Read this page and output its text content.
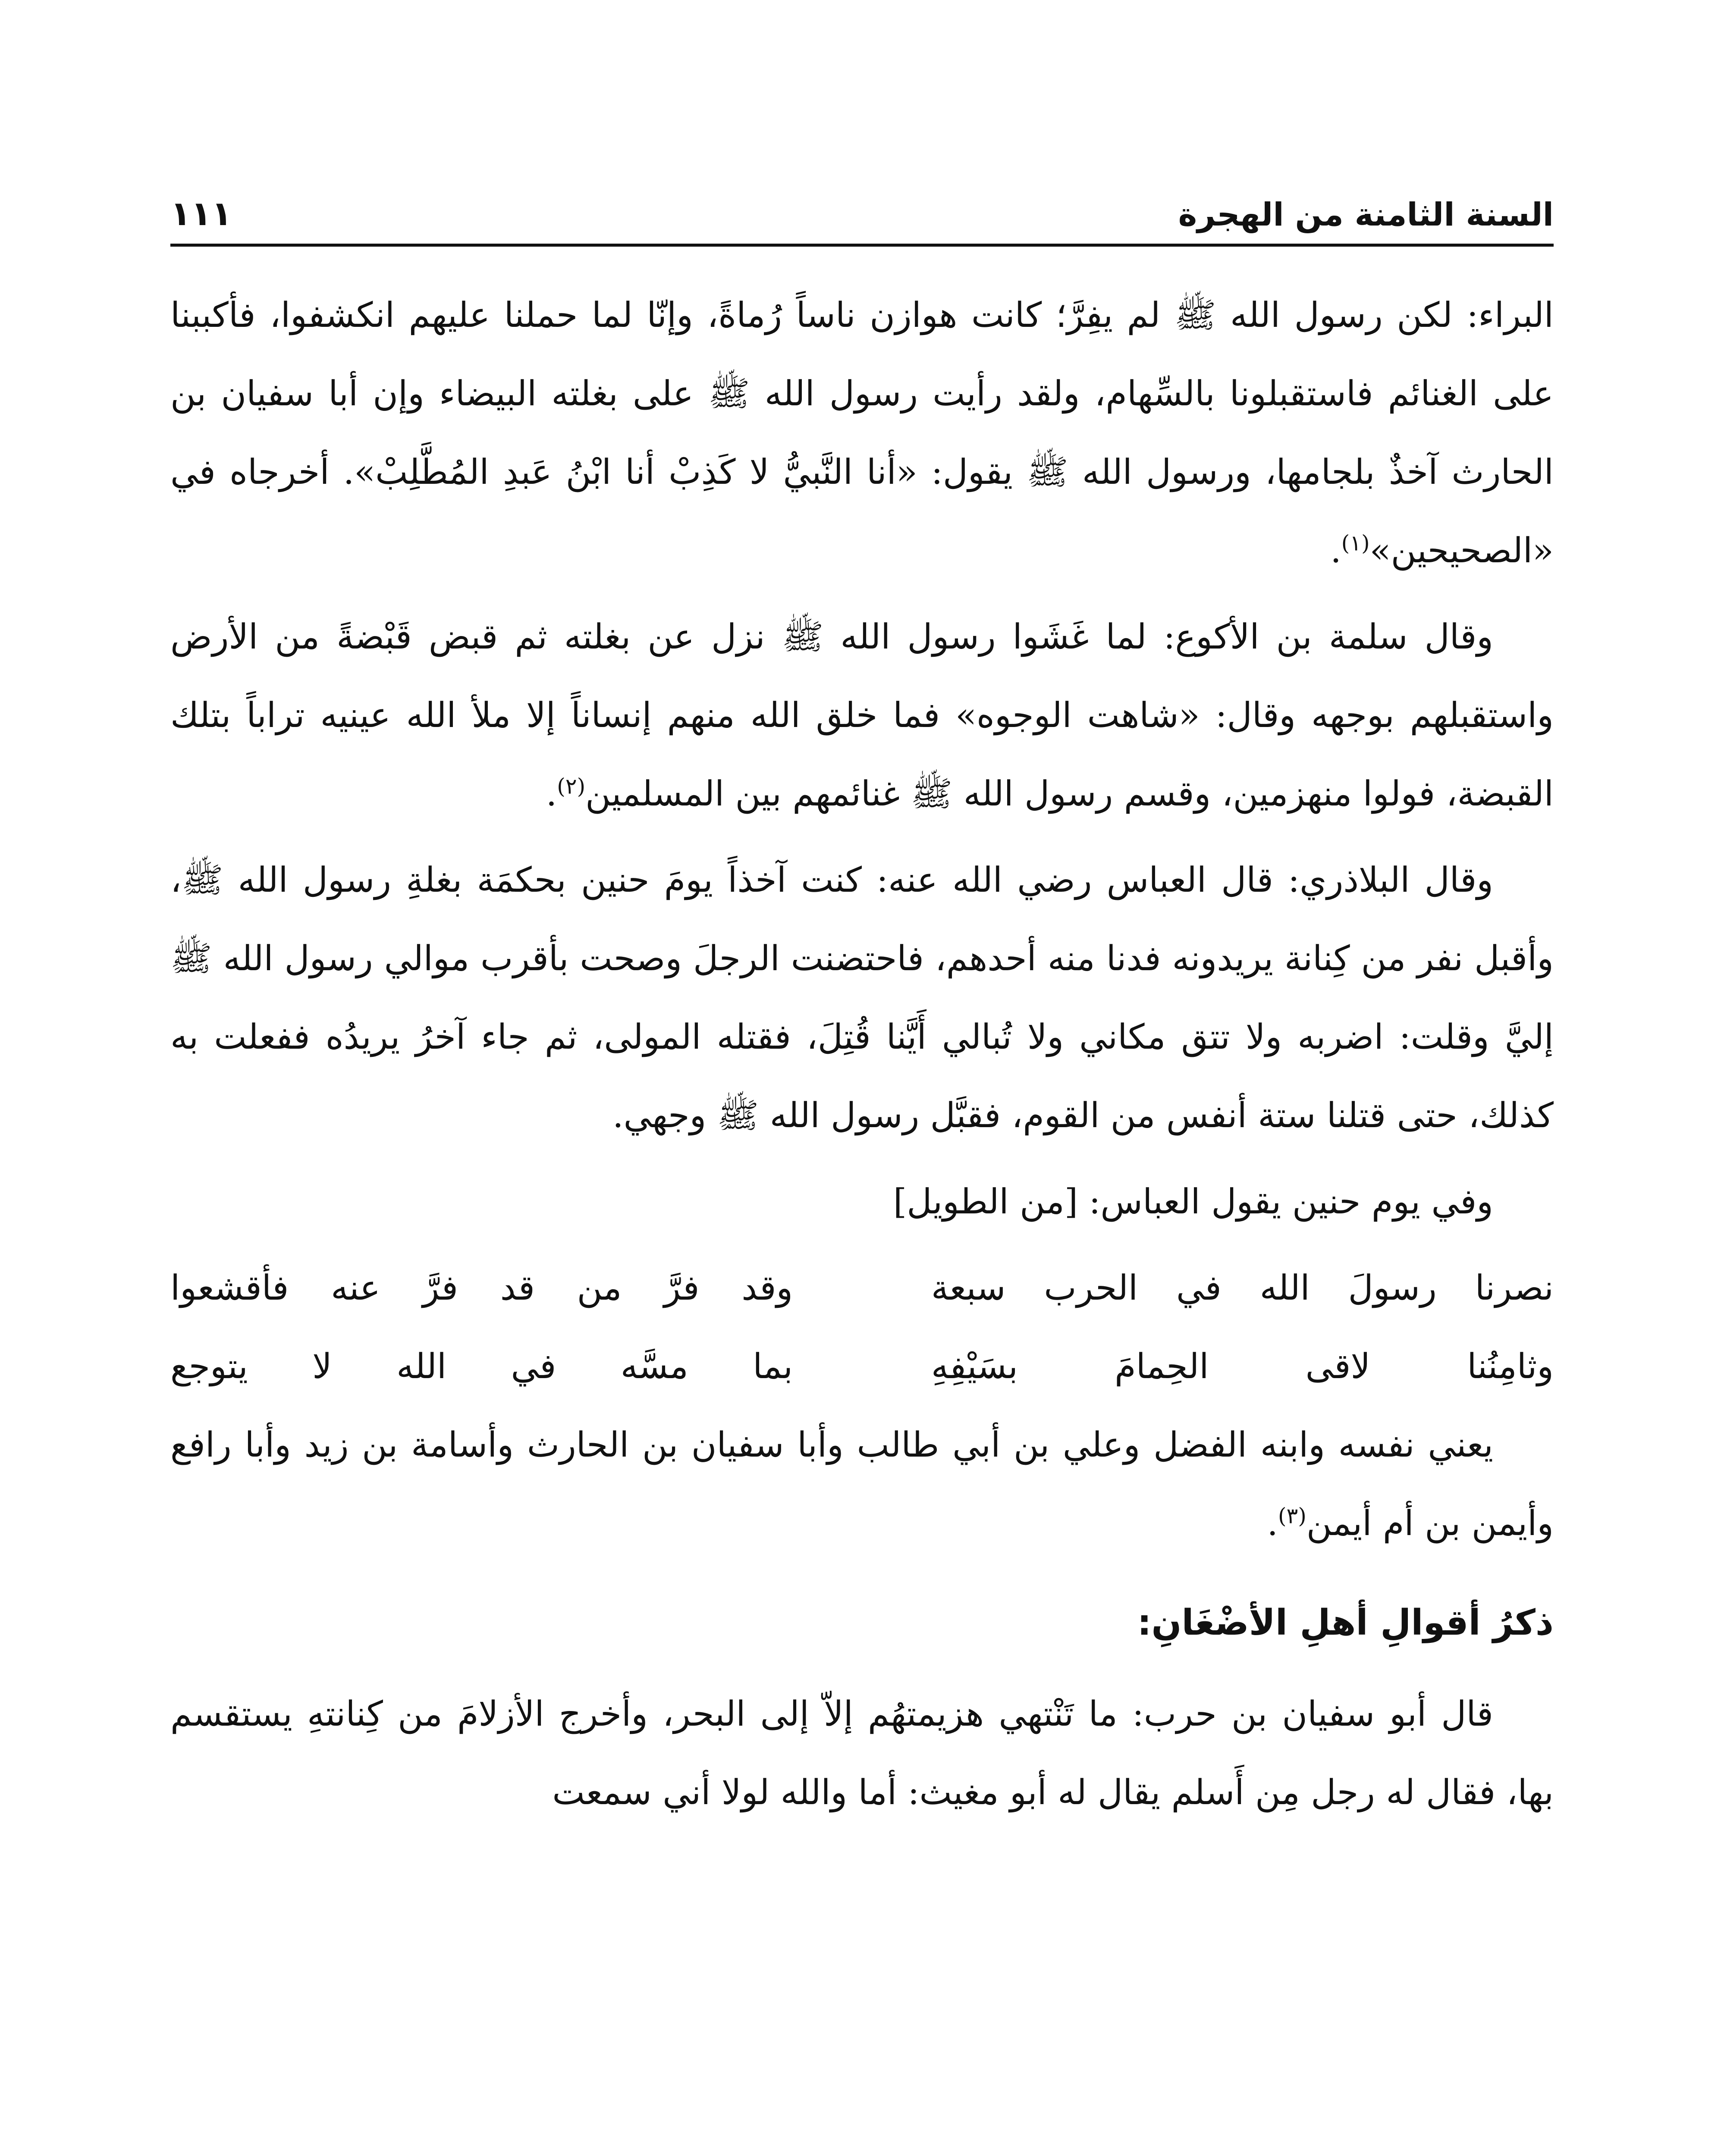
السنة الثامنة من الهجرة
١١١

البراء: لكن رسول الله ﷺ لم يفِرَّ؛ كانت هوازن ناساً رُماةً، وإنّا لما حملنا عليهم انكشفوا، فأكببنا على الغنائم فاستقبلونا بالسِّهام، ولقد رأيت رسول الله ﷺ على بغلته البيضاء وإن أبا سفيان بن الحارث آخذٌ بلجامها، ورسول الله ﷺ يقول: «أنا النَّبيُّ لا كَذِبْ أنا ابْنُ عَبدِ المُطَّلِبْ». أخرجاه في «الصحيحين»$^{(١)}$.

وقال سلمة بن الأكوع: لما غَشَوا رسول الله ﷺ نزل عن بغلته ثم قبض قَبْضةً من الأرض واستقبلهم بوجهه وقال: «شاهت الوجوه» فما خلق الله منهم إنساناً إلا ملأ الله عينيه تراباً بتلك القبضة، فولوا منهزمين، وقسم رسول الله ﷺ غنائمهم بين المسلمين$^{(٢)}$.

وقال البلاذري: قال العباس رضي الله عنه: كنت آخذاً يومَ حنين بحكمَة بغلةِ رسول الله ﷺ، وأقبل نفر من كِنانة يريدونه فدنا منه أحدهم، فاحتضنت الرجلَ وصحت بأقرب موالي رسول الله ﷺ إليَّ وقلت: اضربه ولا تتق مكاني ولا تُبالي أَيَّنا قُتِلَ، فقتله المولى، ثم جاء آخرُ يريدُه ففعلت به كذلك، حتى قتلنا ستة أنفس من القوم، فقبَّل رسول الله ﷺ وجهي.

وفي يوم حنين يقول العباس: [من الطويل]

نصرنا رسولَ الله في الحرب سبعة
وقد فرَّ من قد فرَّ عنه فأقشعوا
وثامِنُنا لاقى الحِمامَ بسَيْفِهِ
بما مسَّه في الله لا يتوجع

يعني نفسه وابنه الفضل وعلي بن أبي طالب وأبا سفيان بن الحارث وأسامة بن زيد وأبا رافع وأيمن بن أم أيمن$^{(٣)}$.

ذكرُ أقوالِ أهلِ الأضْغَانِ:

قال أبو سفيان بن حرب: ما تَنْتهي هزيمتهُم إلاّ إلى البحر، وأخرج الأزلامَ من كِنانتهِ يستقسم بها، فقال له رجل مِن أَسلم يقال له أبو مغيث: أما والله لولا أني سمعت
